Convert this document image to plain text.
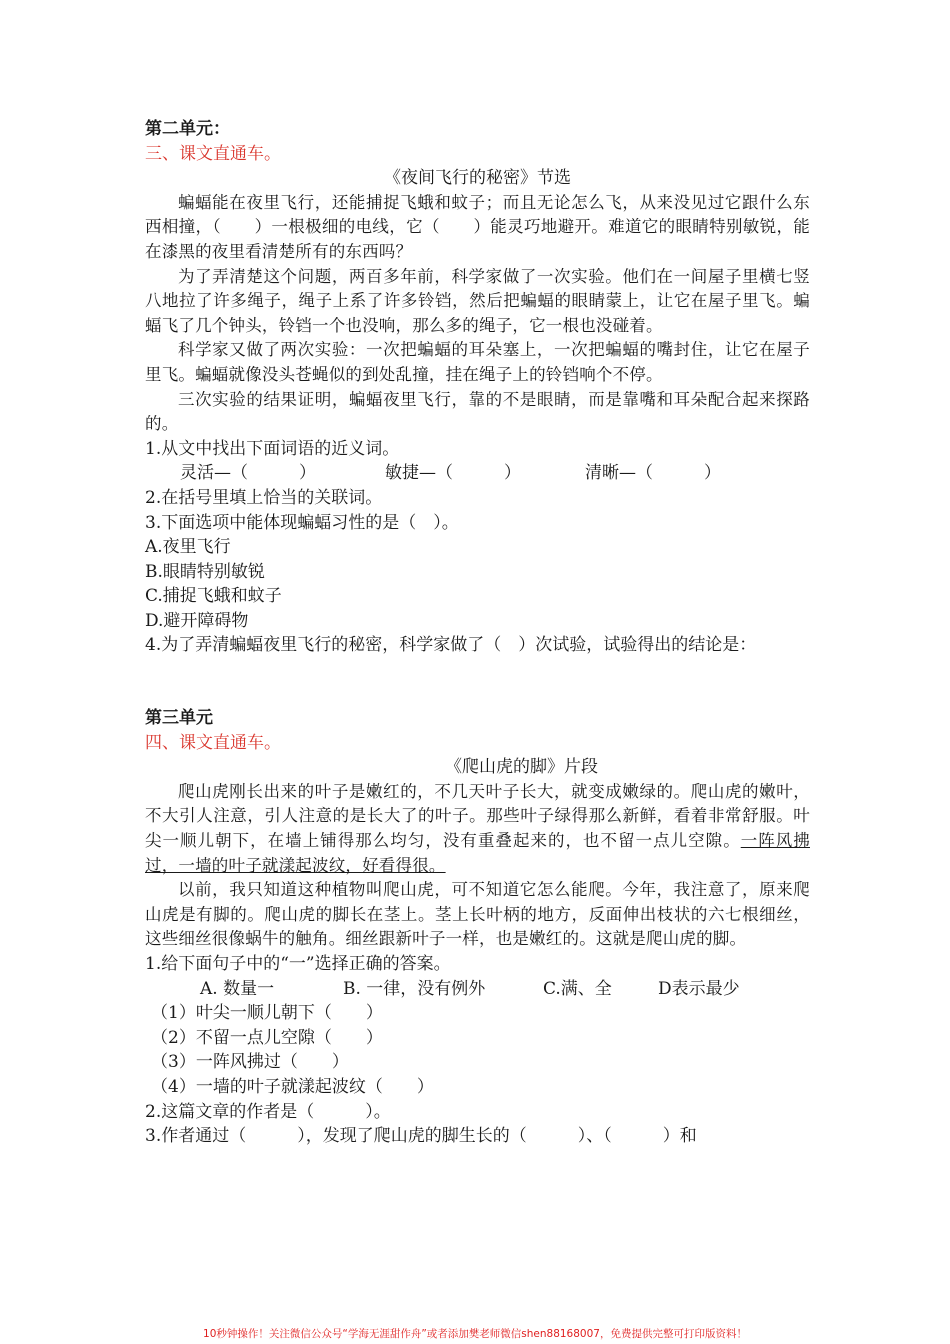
第二单元：
三、课文直通车。
《夜间飞行的秘密》节选
蝙蝠能在夜里飞行，还能捕捉飞蛾和蚊子；而且无论怎么飞，从来没见过它跟什么东西相撞，（　　）一根极细的电线，它（　　）能灵巧地避开。难道它的眼睛特别敏锐，能在漆黑的夜里看清楚所有的东西吗？
为了弄清楚这个问题，两百多年前，科学家做了一次实验。他们在一间屋子里横七竖八地拉了许多绳子，绳子上系了许多铃铛，然后把蝙蝠的眼睛蒙上，让它在屋子里飞。蝙蝠飞了几个钟头，铃铛一个也没响，那么多的绳子，它一根也没碰着。
科学家又做了两次实验：一次把蝙蝠的耳朵塞上，一次把蝙蝠的嘴封住，让它在屋子里飞。蝙蝠就像没头苍蝇似的到处乱撞，挂在绳子上的铃铛响个不停。
三次实验的结果证明，蝙蝠夜里飞行，靠的不是眼睛，而是靠嘴和耳朵配合起来探路的。
1.从文中找出下面词语的近义词。
灵活—（　　　）	敏捷—（　　　）	清晰—（　　　）
2.在括号里填上恰当的关联词。
3.下面选项中能体现蝙蝠习性的是（　）。
A.夜里飞行
B.眼睛特别敏锐
C.捕捉飞蛾和蚊子
D.避开障碍物
4.为了弄清蝙蝠夜里飞行的秘密，科学家做了（　）次试验，试验得出的结论是：
第三单元
四、课文直通车。
《爬山虎的脚》片段
爬山虎刚长出来的叶子是嫩红的，不几天叶子长大，就变成嫩绿的。爬山虎的嫩叶，不大引人注意，引人注意的是长大了的叶子。那些叶子绿得那么新鲜，看着非常舒服。叶尖一顺儿朝下，在墙上铺得那么均匀，没有重叠起来的，也不留一点儿空隙。一阵风拂过，一墙的叶子就漾起波纹，好看得很。
以前，我只知道这种植物叫爬山虎，可不知道它怎么能爬。今年，我注意了，原来爬山虎是有脚的。爬山虎的脚长在茎上。茎上长叶柄的地方，反面伸出枝状的六七根细丝，这些细丝很像蜗牛的触角。细丝跟新叶子一样，也是嫩红的。这就是爬山虎的脚。
1.给下面句子中的“一”选择正确的答案。
A. 数量一	B. 一律，没有例外	C.满、全	D表示最少
（1）叶尖一顺儿朝下（　　）
（2）不留一点儿空隙（　　）
（3）一阵风拂过（　　）
（4）一墙的叶子就漾起波纹（　　）
2.这篇文章的作者是（　　　）。
3.作者通过（　　　），发现了爬山虎的脚生长的（　　　）、（　　　）和
10秒钟操作！关注微信公众号“学海无涯甜作舟”或者添加樊老师微信shen88168007，免费提供完整可打印版资料！
